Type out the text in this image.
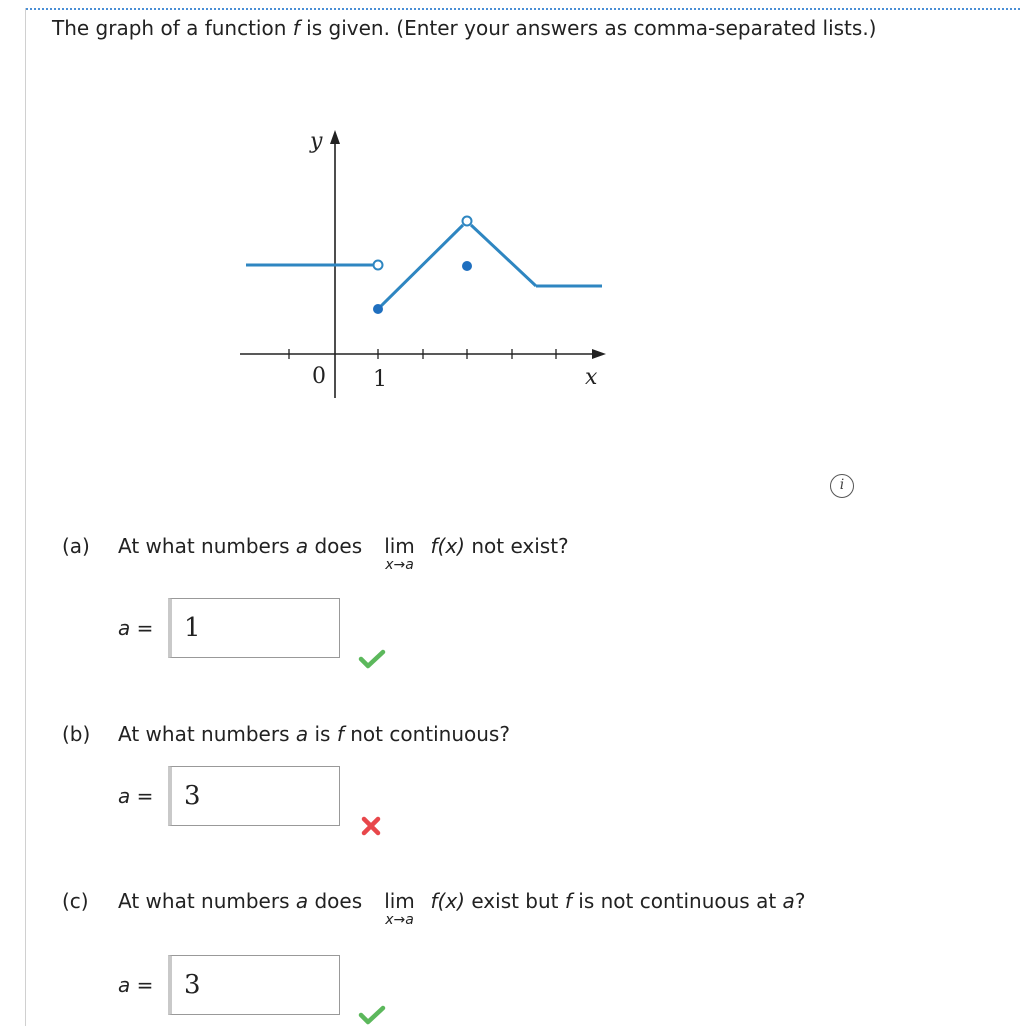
The graph of a function f is given. (Enter your answers as comma-separated lists.)
y
x
0 1
i
(a) At what numbers a does lim
x→a
f(x) not exist?
a = 1
(b) At what numbers a is f not continuous?
a = 3
(c) At what numbers a does lim
x→a
f(x) exist but f is not continuous at a?
a = 3
